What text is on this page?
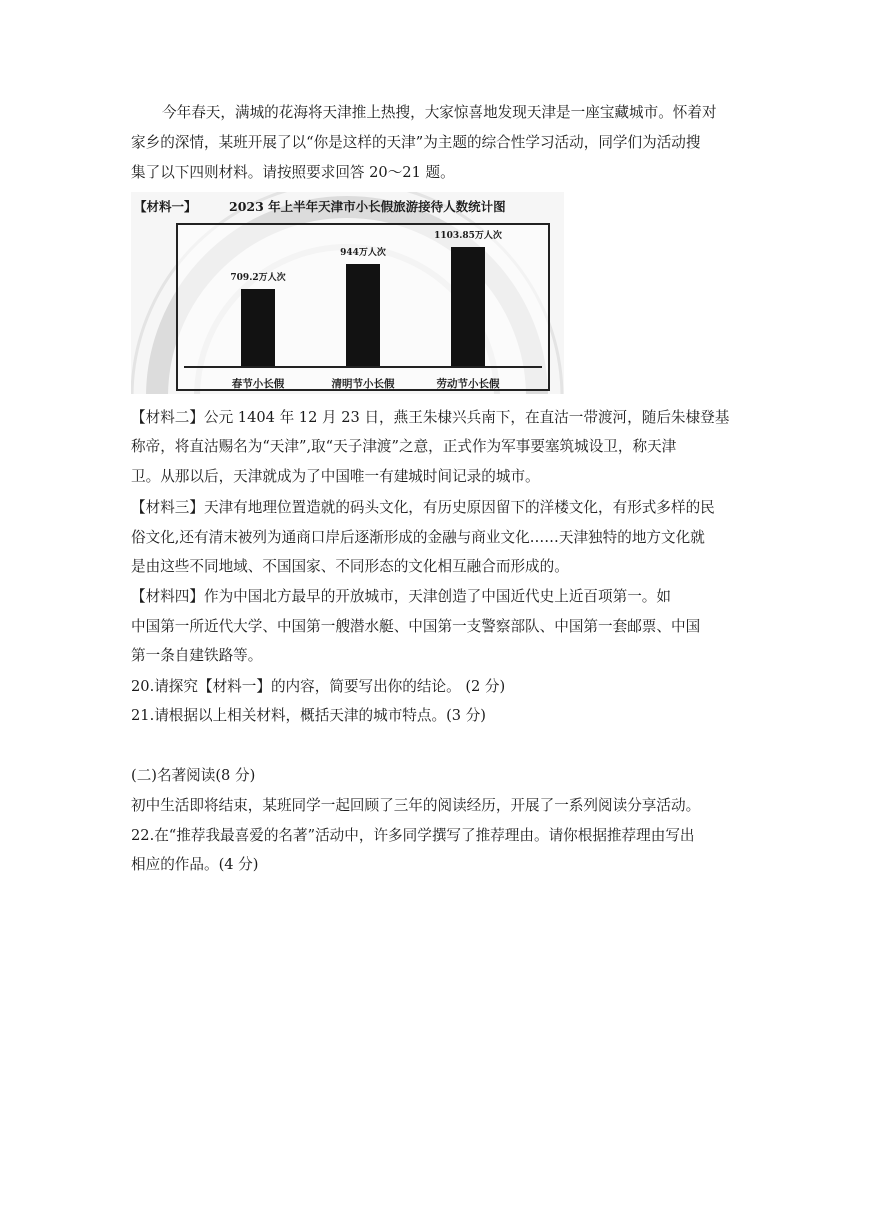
今年春天，满城的花海将天津推上热搜，大家惊喜地发现天津是一座宝藏城市。怀着对
家乡的深情，某班开展了以“你是这样的天津”为主题的综合性学习活动，同学们为活动搜
集了以下四则材料。请按照要求回答 20～21 题。
【材料一】	2023 年上半年天津市小长假旅游接待人数统计图
709.2万人次
春节小长假
944万人次
清明节小长假
1103.85万人次
劳动节小长假
【材料二】公元 1404 年 12 月 23 日，燕王朱棣兴兵南下，在直沽一带渡河，随后朱棣登基
称帝，将直沽赐名为“天津”,取“天子津渡”之意，正式作为军事要塞筑城设卫，称天津
卫。从那以后，天津就成为了中国唯一有建城时间记录的城市。
【材料三】天津有地理位置造就的码头文化，有历史原因留下的洋楼文化，有形式多样的民
俗文化,还有清末被列为通商口岸后逐渐形成的金融与商业文化……天津独特的地方文化就
是由这些不同地域、不国国家、不同形态的文化相互融合而形成的。
【材料四】作为中国北方最早的开放城市，天津创造了中国近代史上近百项第一。如
中国第一所近代大学、中国第一艘潜水艇、中国第一支警察部队、中国第一套邮票、中国
第一条自建铁路等。
20.请探究【材料一】的内容，简要写出你的结论。 (2 分)
21.请根据以上相关材料，概括天津的城市特点。(3 分)
(二)名著阅读(8 分)
初中生活即将结束，某班同学一起回顾了三年的阅读经历，开展了一系列阅读分享活动。
22.在“推荐我最喜爱的名著”活动中，许多同学撰写了推荐理由。请你根据推荐理由写出
相应的作品。(4 分)
